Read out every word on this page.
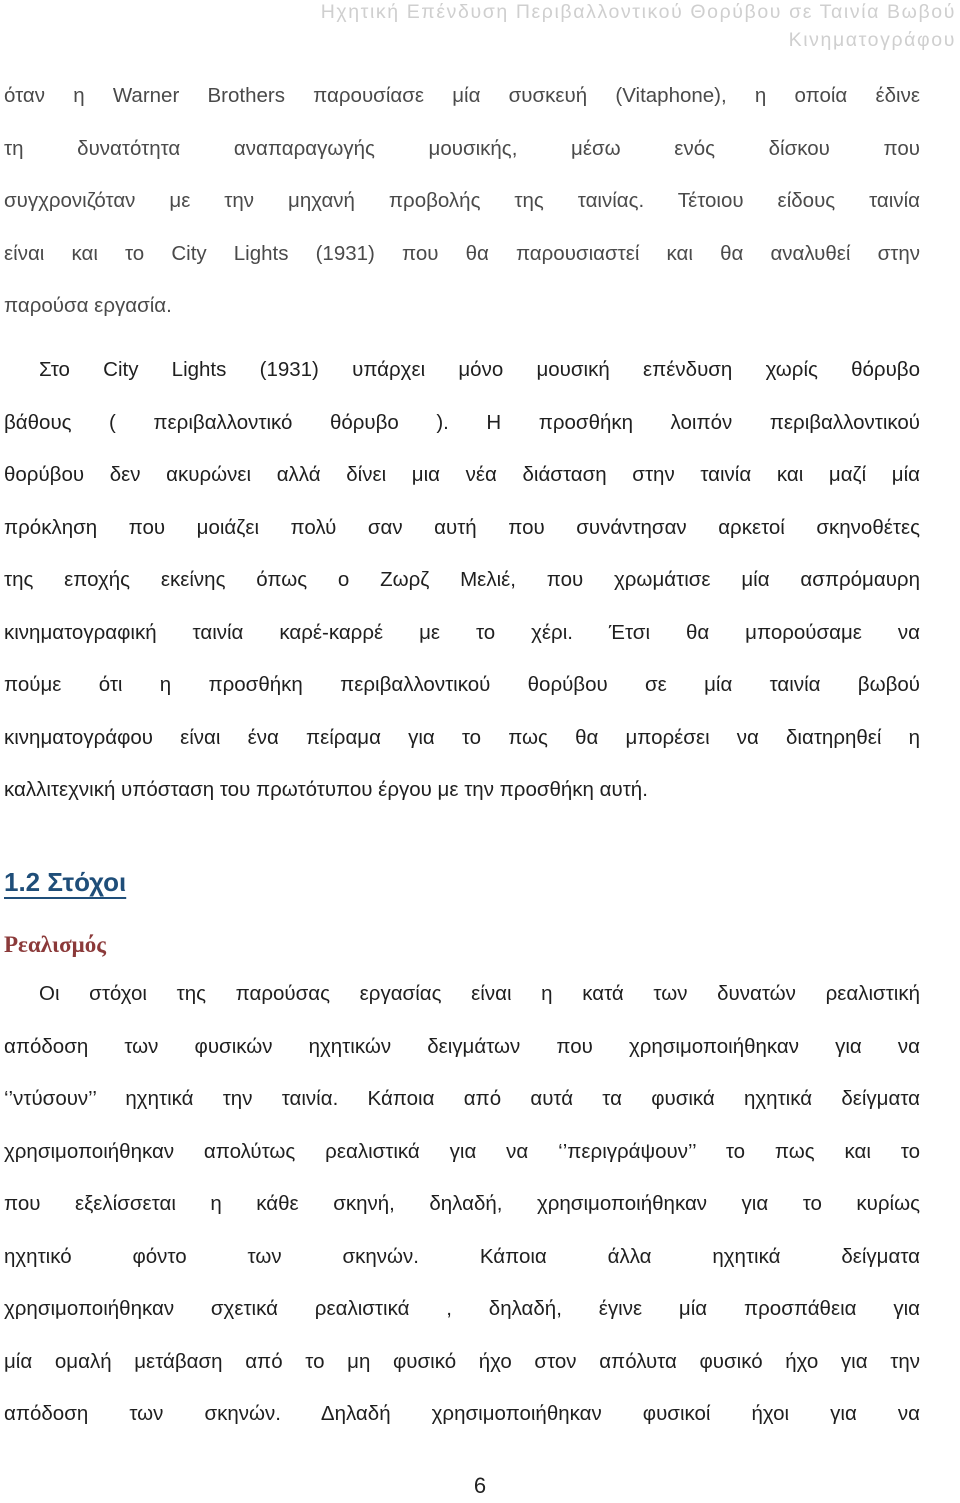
Ηχητική Επένδυση Περιβαλλοντικού Θορύβου σε Ταινία Βωβού
Κινηματογράφου
όταν η Warner Brothers παρουσίασε μία συσκευή (Vitaphone), η οποία έδινε
τη δυνατότητα αναπαραγωγής μουσικής, μέσω ενός δίσκου που
συγχρονιζόταν με την μηχανή προβολής της ταινίας. Τέτοιου είδους ταινία
είναι και το City Lights (1931) που θα παρουσιαστεί και θα αναλυθεί στην
παρούσα εργασία.
Στο City Lights (1931) υπάρχει μόνο μουσική επένδυση χωρίς θόρυβο
βάθους ( περιβαλλοντικό θόρυβο ). Η προσθήκη λοιπόν περιβαλλοντικού
θορύβου δεν ακυρώνει αλλά δίνει μια νέα διάσταση στην ταινία και μαζί μία
πρόκληση που μοιάζει πολύ σαν αυτή που συνάντησαν αρκετοί σκηνοθέτες
της εποχής εκείνης όπως ο Ζωρζ Μελιέ, που χρωμάτισε μία ασπρόμαυρη
κινηματογραφική ταινία καρέ-καρρέ με το χέρι. Έτσι θα μπορούσαμε να
πούμε ότι η προσθήκη περιβαλλοντικού θορύβου σε μία ταινία βωβού
κινηματογράφου είναι ένα πείραμα για το πως θα μπορέσει να διατηρηθεί η
καλλιτεχνική υπόσταση του πρωτότυπου έργου με την προσθήκη αυτή.
1.2 Στόχοι
Ρεαλισμός
Οι στόχοι της παρούσας εργασίας είναι η κατά των δυνατών ρεαλιστική
απόδοση των φυσικών ηχητικών δειγμάτων που χρησιμοποιήθηκαν για να
‘’ντύσουν’’ ηχητικά την ταινία. Κάποια από αυτά τα φυσικά ηχητικά δείγματα
χρησιμοποιήθηκαν απολύτως ρεαλιστικά για να ‘’περιγράψουν’’ το πως και το
που εξελίσσεται η κάθε σκηνή, δηλαδή, χρησιμοποιήθηκαν για το κυρίως
ηχητικό φόντο των σκηνών. Κάποια άλλα ηχητικά δείγματα
χρησιμοποιήθηκαν σχετικά ρεαλιστικά , δηλαδή, έγινε μία προσπάθεια για
μία ομαλή μετάβαση από το μη φυσικό ήχο στον απόλυτα φυσικό ήχο για την
απόδοση των σκηνών. Δηλαδή χρησιμοποιήθηκαν φυσικοί ήχοι για να
6
